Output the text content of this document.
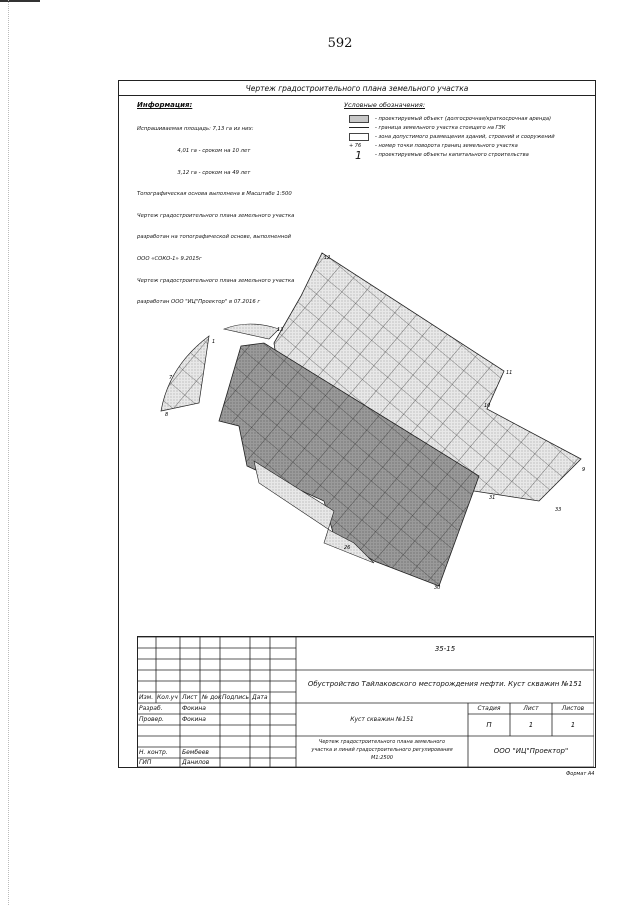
592
Чертеж градостроительного плана земельного участка
Информация:

Испрашиваемая площадь: 7,13 га из них:

4,01 га - сроком на 10 лет

3,12 га - сроком на 49 лет

Топографическая основа выполнена в Масштабе 1:500

Чертеж градостроительного плана земельного участка

разработан на топографической основе, выполненной

ООО «СОКО-1» 9.2015г

Чертеж градостроительного плана земельного участка

разработан ООО "ИЦ"Проектор" в 07.2016 г

Условные обозначения:
- проектируемый объект (долгосрочная/краткосрочная аренда)
- граница земельного участка стоящего на ГЗК
- зона допустимого размещения зданий, строений и сооружений
+ 76	- номер точки поворота границ земельного участка
1	- проектируемые объекты капитального строительства
12
13
1
7
8
11
10
9
31
33
26
30
35-15
Обустройство Тайлаковского месторождения нефти. Куст скважин №151
Изм. Кол.уч Лист № док Подпись Дата
Разраб.	Фокина
Провер.	Фокина
Н. контр. Бембеев
ГИП	Данилов
Куст скважин №151
Стадия	Лист	Листов
П	1	1
Чертеж градостроительного плана земельного
участка и линий градостроительного регулирования
М1:2500
ООО "ИЦ"Проектор"
Формат А4
